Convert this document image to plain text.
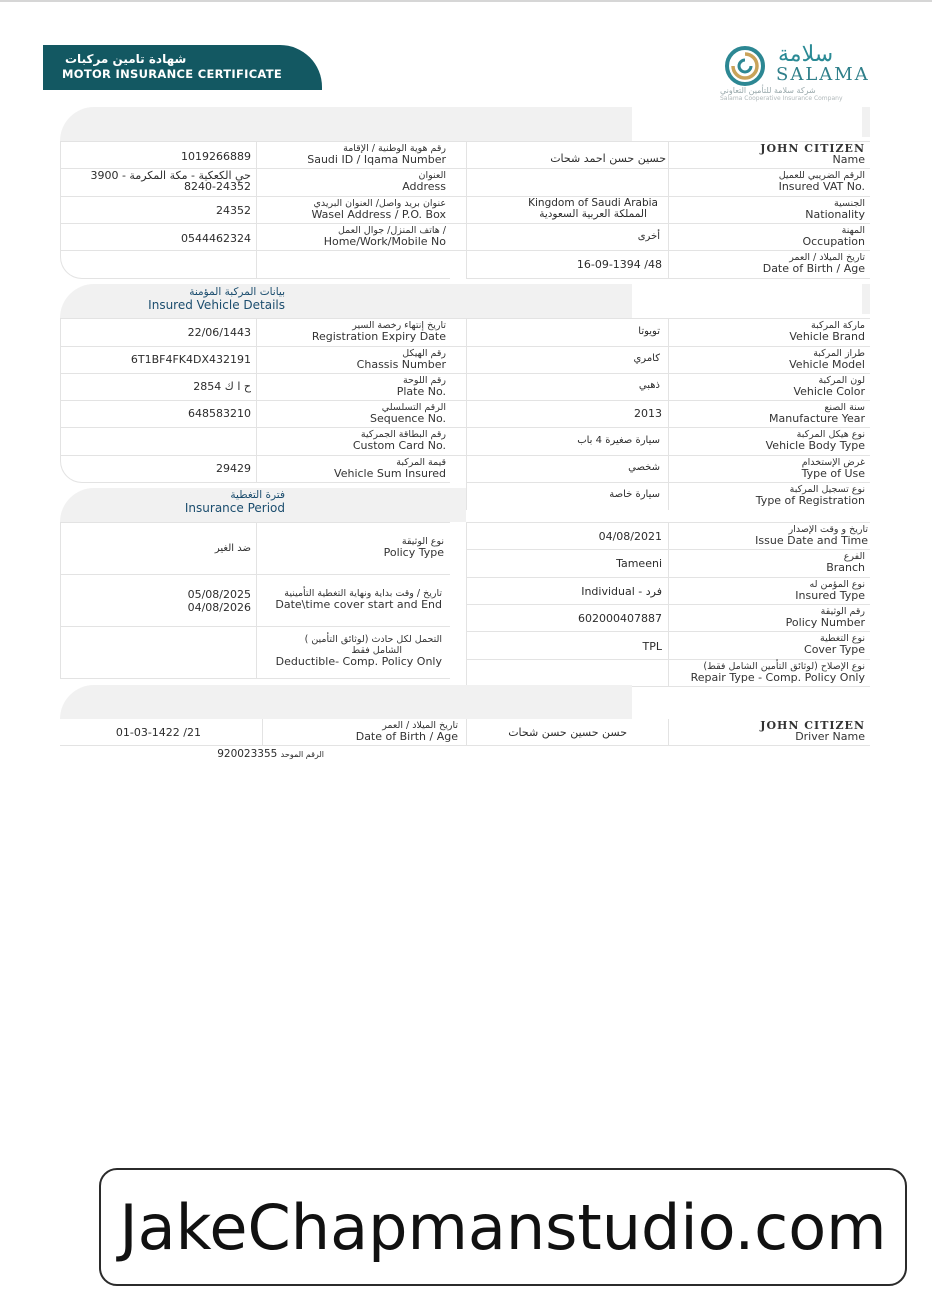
شهادة تامين مركبات
MOTOR INSURANCE CERTIFICATE
سلامة
SALAMA
شركة سلامة للتأمين التعاوني
Salama Cooperative Insurance Company
JOHN CITIZEN
Name
الرقم الضريبي للعميل
Insured VAT No.
الجنسية
Nationality
المهنة
Occupation
تاريخ الميلاد / العمر
Date of Birth / Age
حسين حسن احمد شحات
Kingdom of Saudi Arabia
المملكة العربية السعودية
أخرى
16-09-1394 /48
رقم هوية الوطنية / الإقامة
Saudi ID / Iqama Number
العنوان
Address
عنوان بريد واصل/ العنوان البريدي
Wasel Address / P.O. Box
/ هاتف المنزل/ جوال العمل
Home/Work/Mobile No
1019266889
حي الكعكية - مكة المكرمة - 3900
8240-24352
24352
0544462324
بيانات المركبة المؤمنة
Insured Vehicle Details
ماركة المركبة
Vehicle Brand
طراز المركبة
Vehicle Model
لون المركبة
Vehicle Color
سنة الصنع
Manufacture Year
نوع هيكل المركبة
Vehicle Body Type
غرض الإستخدام
Type of Use
نوع تسجيل المركبة
Type of Registration
تويوتا
كامري
ذهبي
2013
سيارة صغيرة 4 باب
شخصي
سيارة خاصة
تاريخ إنتهاء رخصة السير
Registration Expiry Date
رقم الهيكل
Chassis Number
رقم اللوحة
Plate No.
الرقم التسلسلي
Sequence No.
رقم البطاقة الجمركية
Custom Card No.
قيمة المركبة
Vehicle Sum Insured
22/06/1443
6T1BF4FK4DX432191
ح ا ك 2854
648583210
29429
فترة التغطية
Insurance Period
تاريخ و وقت الإصدار
Issue Date and Time
الفرع
Branch
نوع المؤمن له
Insured Type
رقم الوثيقة
Policy Number
نوع التغطية
Cover Type
نوع الإصلاح (لوثائق التأمين الشامل فقط)
Repair Type - Comp. Policy Only
04/08/2021
Tameeni
Individual - فرد
602000407887
TPL
نوع الوثيقة
Policy Type
تاريخ / وقت بداية ونهاية التغطية التأمينية
Date\time cover start and End
التحمل لكل حادث (لوثائق التأمين )
الشامل فقط
Deductible- Comp. Policy Only
ضد الغير
05/08/2025
04/08/2026
JOHN CITIZEN
Driver Name
حسن حسين حسن شحات
تاريخ الميلاد / العمر
Date of Birth / Age
01-03-1422 /21
920023355 الرقم الموحد
JakeChapmanstudio.com
